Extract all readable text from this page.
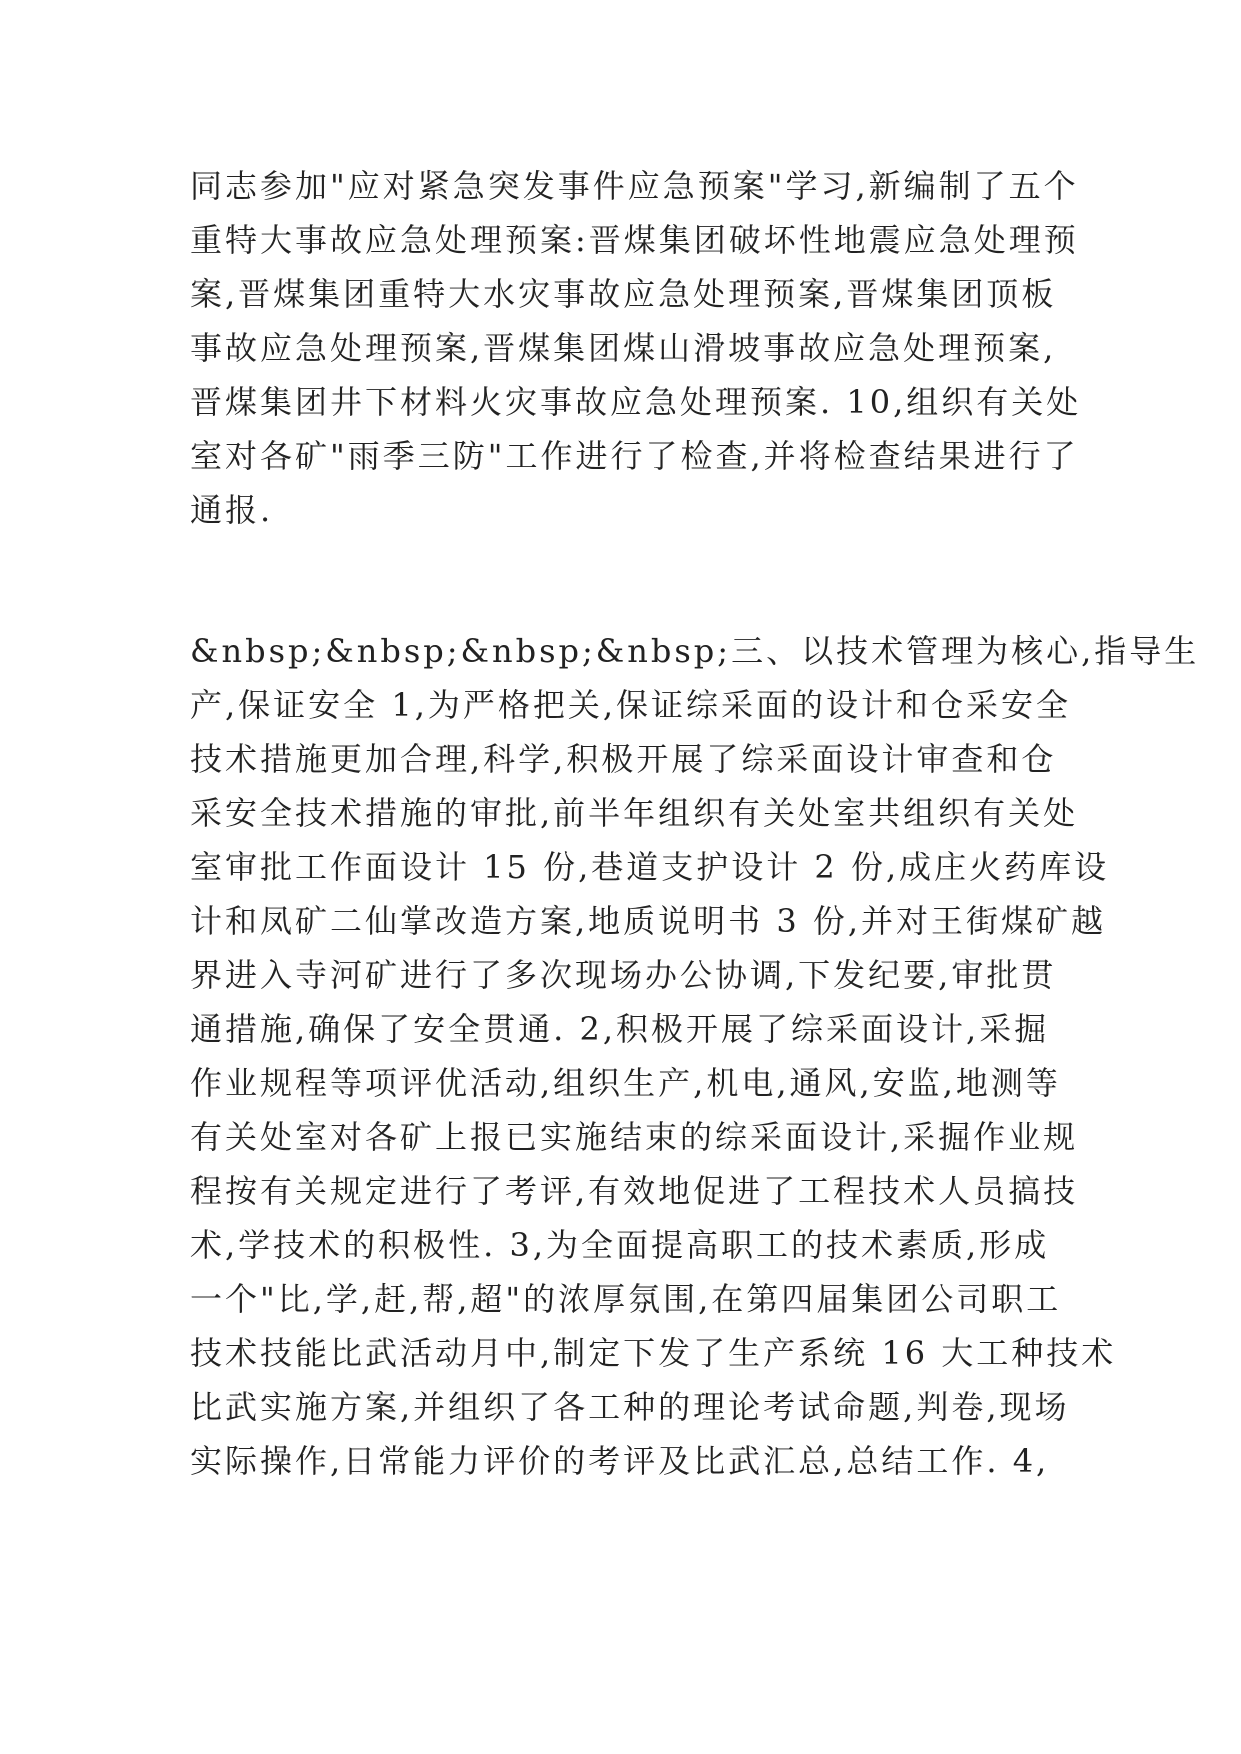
同志参加"应对紧急突发事件应急预案"学习,新编制了五个
重特大事故应急处理预案:晋煤集团破坏性地震应急处理预
案,晋煤集团重特大水灾事故应急处理预案,晋煤集团顶板
事故应急处理预案,晋煤集团煤山滑坡事故应急处理预案,
晋煤集团井下材料火灾事故应急处理预案. 10,组织有关处
室对各矿"雨季三防"工作进行了检查,并将检查结果进行了
通报.
&nbsp;&nbsp;&nbsp;&nbsp;三、以技术管理为核心,指导生
产,保证安全 1,为严格把关,保证综采面的设计和仓采安全
技术措施更加合理,科学,积极开展了综采面设计审查和仓
采安全技术措施的审批,前半年组织有关处室共组织有关处
室审批工作面设计 15 份,巷道支护设计 2 份,成庄火药库设
计和凤矿二仙掌改造方案,地质说明书 3 份,并对王街煤矿越
界进入寺河矿进行了多次现场办公协调,下发纪要,审批贯
通措施,确保了安全贯通. 2,积极开展了综采面设计,采掘
作业规程等项评优活动,组织生产,机电,通风,安监,地测等
有关处室对各矿上报已实施结束的综采面设计,采掘作业规
程按有关规定进行了考评,有效地促进了工程技术人员搞技
术,学技术的积极性. 3,为全面提高职工的技术素质,形成
一个"比,学,赶,帮,超"的浓厚氛围,在第四届集团公司职工
技术技能比武活动月中,制定下发了生产系统 16 大工种技术
比武实施方案,并组织了各工种的理论考试命题,判卷,现场
实际操作,日常能力评价的考评及比武汇总,总结工作. 4,
